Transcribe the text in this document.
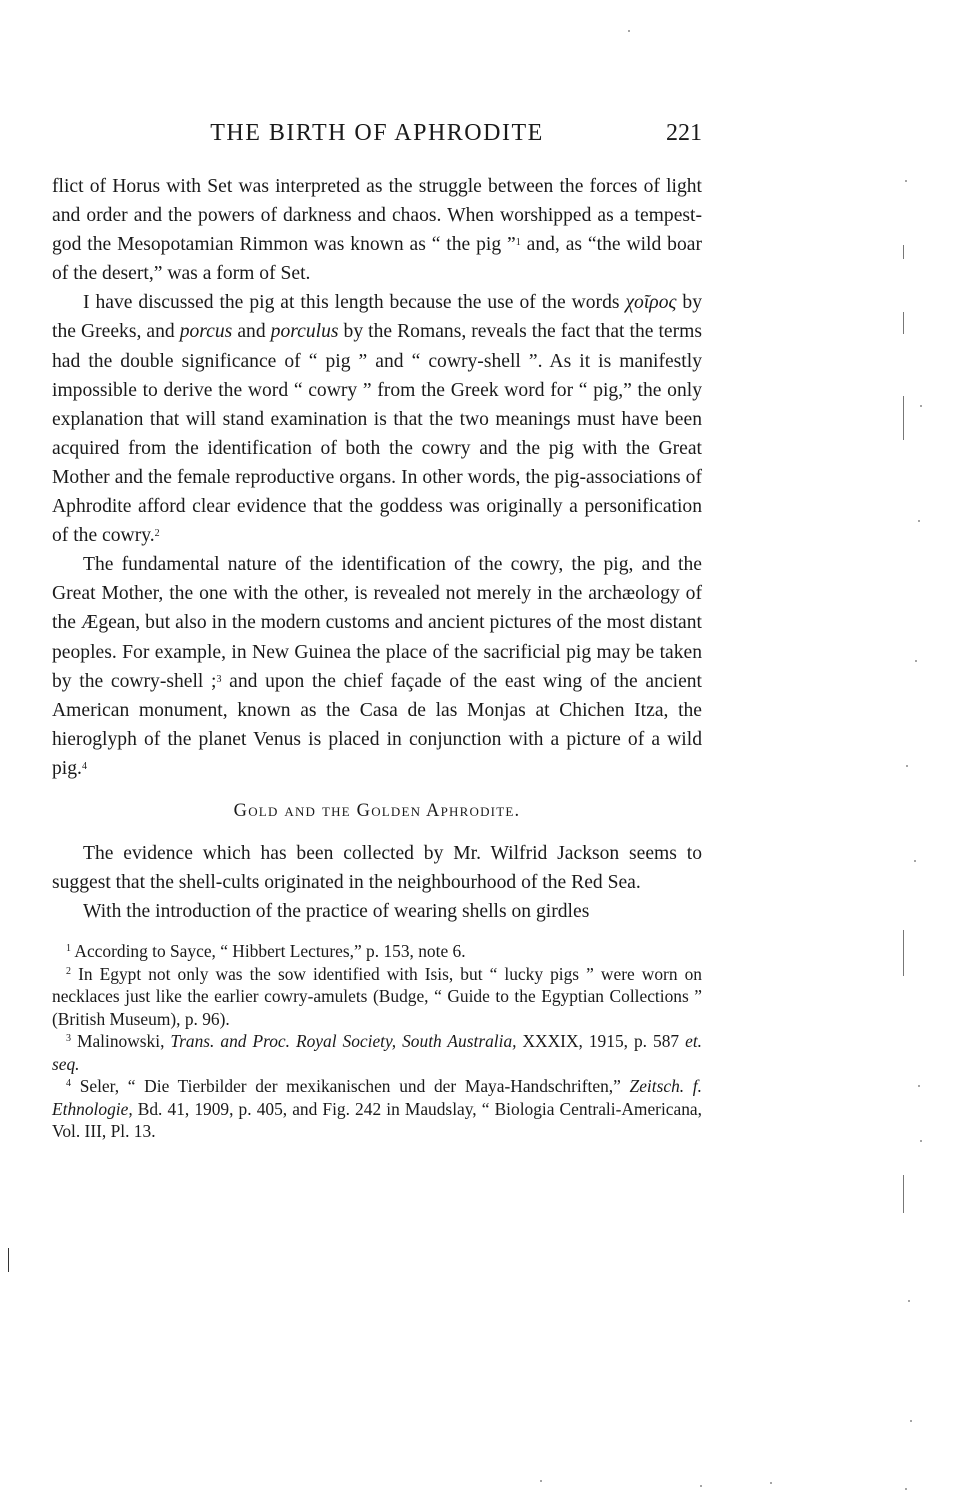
THE BIRTH OF APHRODITE	221

flict of Horus with Set was interpreted as the struggle between the forces of light and order and the powers of darkness and chaos. When worshipped as a tempest-god the Mesopotamian Rimmon was known as “ the pig ”$^1$ and, as “the wild boar of the desert,” was a form of Set.

I have discussed the pig at this length because the use of the words χoῖρoς by the Greeks, and porcus and porculus by the Romans, reveals the fact that the terms had the double significance of “ pig ” and “ cowry-shell ”. As it is manifestly impossible to derive the word “ cowry ” from the Greek word for “ pig,” the only explanation that will stand examination is that the two meanings must have been acquired from the identification of both the cowry and the pig with the Great Mother and the female reproductive organs. In other words, the pig-associations of Aphrodite afford clear evidence that the goddess was originally a personification of the cowry.$^2$

The fundamental nature of the identification of the cowry, the pig, and the Great Mother, the one with the other, is revealed not merely in the archæology of the Ægean, but also in the modern customs and ancient pictures of the most distant peoples. For example, in New Guinea the place of the sacrificial pig may be taken by the cowry-shell ;$^3$ and upon the chief façade of the east wing of the ancient American monument, known as the Casa de las Monjas at Chichen Itza, the hieroglyph of the planet Venus is placed in conjunction with a picture of a wild pig.$^4$

Gold and the Golden Aphrodite.

The evidence which has been collected by Mr. Wilfrid Jackson seems to suggest that the shell-cults originated in the neighbourhood of the Red Sea.

With the introduction of the practice of wearing shells on girdles

$^1$ According to Sayce, “ Hibbert Lectures,” p. 153, note 6.

$^2$ In Egypt not only was the sow identified with Isis, but “ lucky pigs ” were worn on necklaces just like the earlier cowry-amulets (Budge, “ Guide to the Egyptian Collections ” (British Museum), p. 96).

$^3$ Malinowski, Trans. and Proc. Royal Society, South Australia, XXXIX, 1915, p. 587 et. seq.

$^4$ Seler, “ Die Tierbilder der mexikanischen und der Maya-Handschriften,” Zeitsch. f. Ethnologie, Bd. 41, 1909, p. 405, and Fig. 242 in Maudslay, “ Biologia Centrali-Americana, Vol. III, Pl. 13.
